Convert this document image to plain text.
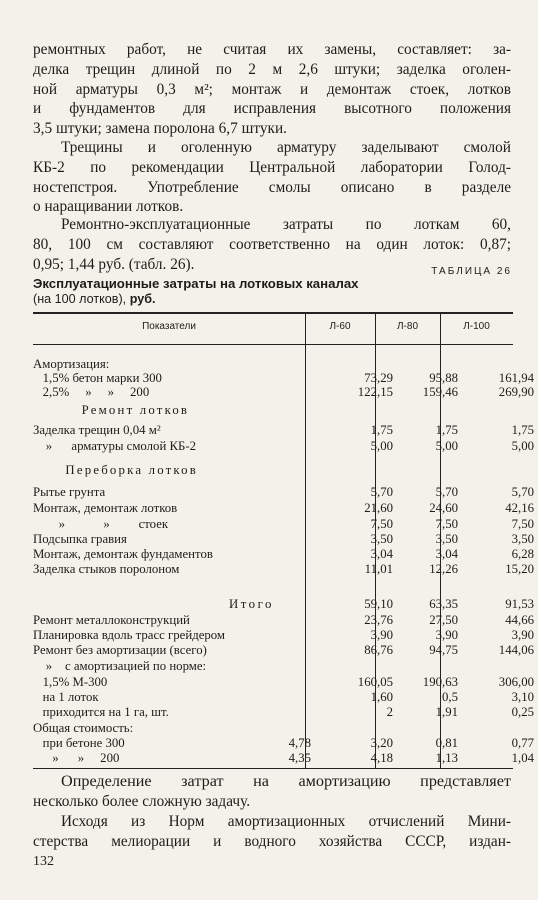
ремонтных работ, не считая их замены, составляет: за-
делка трещин длиной по 2 м 2,6 штуки; заделка оголен-
ной арматуры 0,3 м²; монтаж и демонтаж стоек, лотков
и фундаментов для исправления высотного положения
3,5 штуки; замена поролона 6,7 штуки.
Трещины и оголенную арматуру заделывают смолой
КБ-2 по рекомендации Центральной лаборатории Голод-
ностепстроя. Употребление смолы описано в разделе
о наращивании лотков.
Ремонтно-эксплуатационные затраты по лоткам 60,
80, 100 см составляют соответственно на один лоток: 0,87;
0,95; 1,44 руб. (табл. 26).	ТАБЛИЦА 26
Эксплуатационные затраты на лотковых каналах
(на 100 лотков), руб.
Показатели	Л-60	Л-80	Л-100
Амортизация:
1,5% бетон марки 300	73,29	95,88	161,94
2,5%     »     »     200	122,15	159,46	269,90
Ремонт лотков
Заделка трещин 0,04 м²	1,75	1,75	1,75
»      арматуры смолой КБ-2	5,00	5,00	5,00
Переборка лотков
Рытье грунта	5,70	5,70	5,70
Монтаж, демонтаж лотков	21,60	24,60	42,16
»            »         стоек	7,50	7,50	7,50
Подсыпка гравия	3,50	3,50	3,50
Монтаж, демонтаж фундаментов	3,04	3,04	6,28
Заделка стыков поролоном	11,01	12,26	15,20
Итого	59,10	63,35	91,53
Ремонт металлоконструкций	23,76	27,50	44,66
Планировка вдоль трасс грейдером	3,90	3,90	3,90
Ремонт без амортизации (всего)	86,76	94,75	144,06
»    с амортизацией по норме:
1,5% М-300	160,05	190,63	306,00
на 1 лоток	1,60	0,5	3,10
приходится на 1 га, шт.	2	1,91	0,25
Общая стоимость:
при бетоне 300	4,78	3,20	0,81	0,77
»      »     200	4,35	4,18	1,13	1,04
Определение затрат на амортизацию представляет
несколько более сложную задачу.
Исходя из Норм амортизационных отчислений Мини-
стерства мелиорации и водного хозяйства СССР, издан-
132
